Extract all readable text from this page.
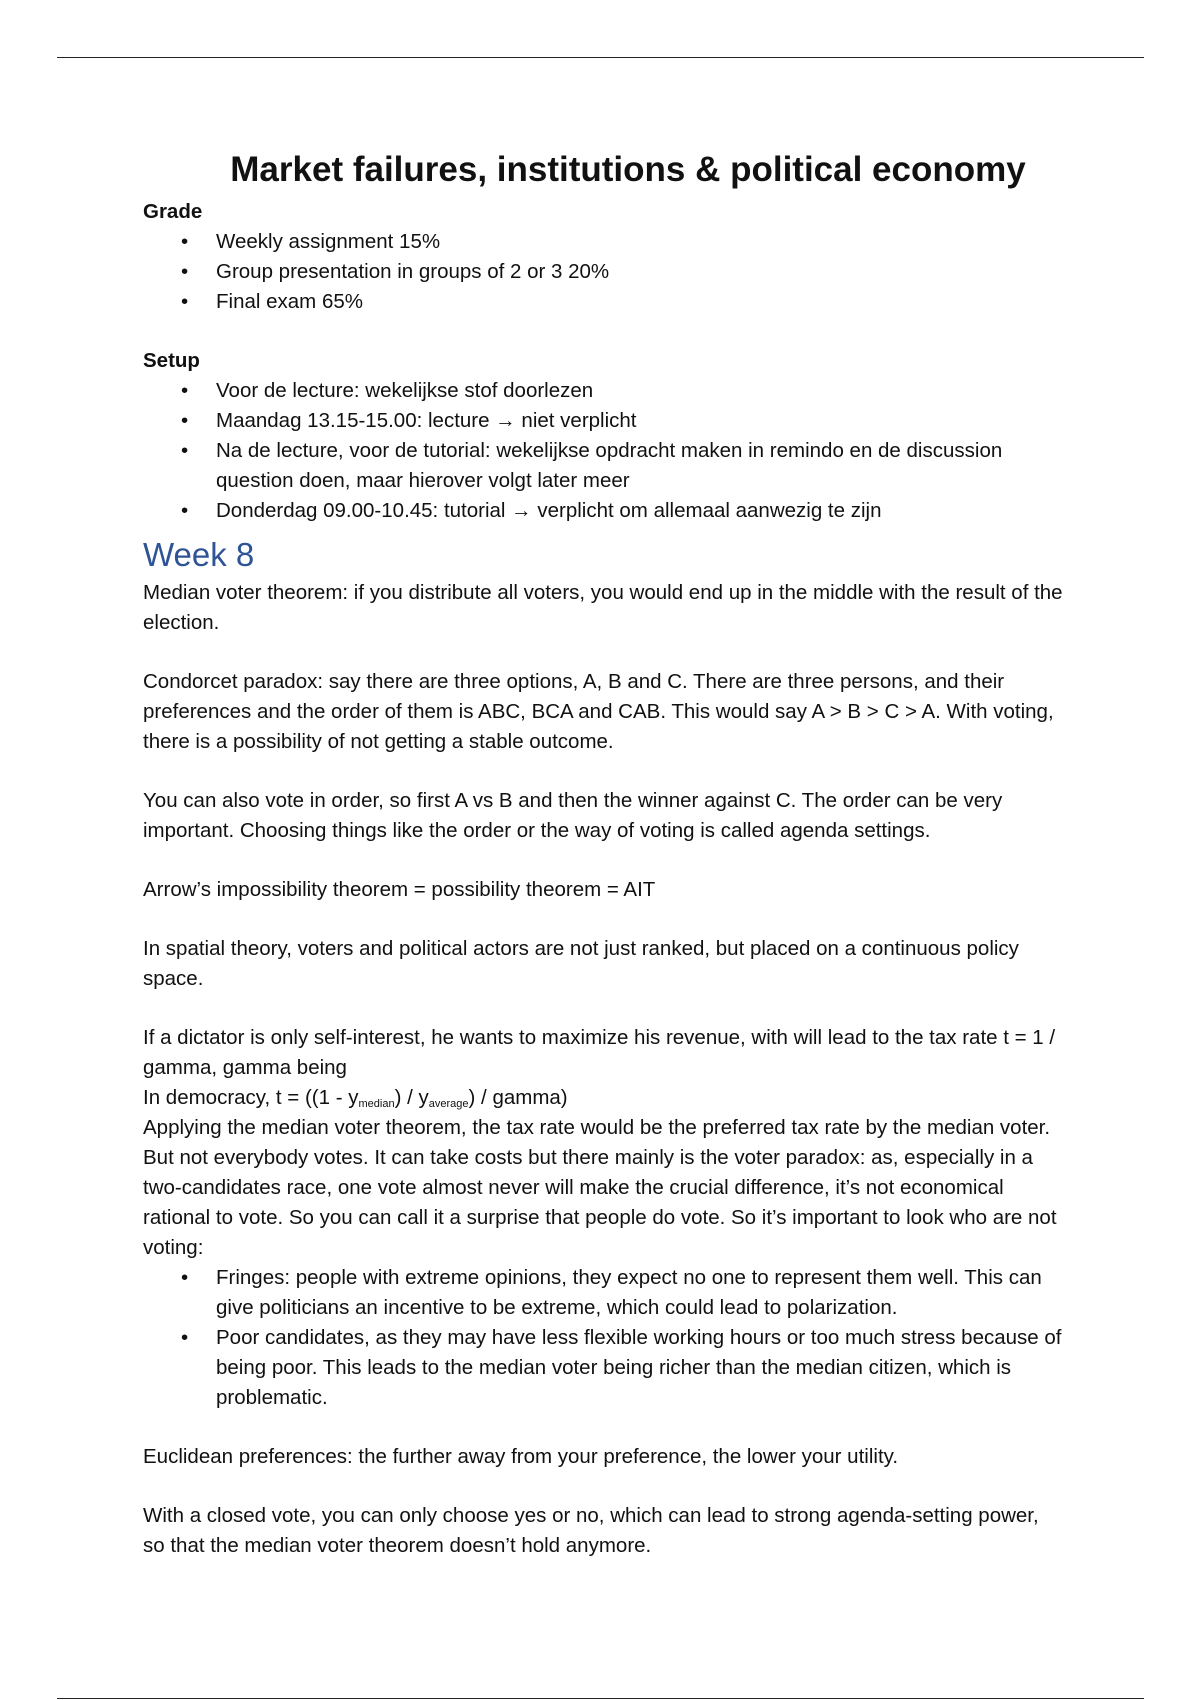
Market failures, institutions & political economy

Grade

• Weekly assignment 15%
• Group presentation in groups of 2 or 3 20%
• Final exam 65%

Setup

• Voor de lecture: wekelijkse stof doorlezen
• Maandag 13.15-15.00: lecture → niet verplicht
• Na de lecture, voor de tutorial: wekelijkse opdracht maken in remindo en de discussion question doen, maar hierover volgt later meer
• Donderdag 09.00-10.45: tutorial → verplicht om allemaal aanwezig te zijn
Week 8

Median voter theorem: if you distribute all voters, you would end up in the middle with the result of the election.

Condorcet paradox: say there are three options, A, B and C. There are three persons, and their preferences and the order of them is ABC, BCA and CAB. This would say A > B > C > A. With voting, there is a possibility of not getting a stable outcome.

You can also vote in order, so first A vs B and then the winner against C. The order can be very important. Choosing things like the order or the way of voting is called agenda settings.

Arrow’s impossibility theorem = possibility theorem = AIT

In spatial theory, voters and political actors are not just ranked, but placed on a continuous policy space.

If a dictator is only self-interest, he wants to maximize his revenue, with will lead to the tax rate t = 1 / gamma, gamma being

In democracy, $t = ((1 - y_{median}) / y_{average})$ / gamma)

Applying the median voter theorem, the tax rate would be the preferred tax rate by the median voter. But not everybody votes. It can take costs but there mainly is the voter paradox: as, especially in a two-candidates race, one vote almost never will make the crucial difference, it’s not economical rational to vote. So you can call it a surprise that people do vote. So it’s important to look who are not voting:

• Fringes: people with extreme opinions, they expect no one to represent them well. This can give politicians an incentive to be extreme, which could lead to polarization.
• Poor candidates, as they may have less flexible working hours or too much stress because of being poor. This leads to the median voter being richer than the median citizen, which is problematic.

Euclidean preferences: the further away from your preference, the lower your utility.

With a closed vote, you can only choose yes or no, which can lead to strong agenda-setting power, so that the median voter theorem doesn’t hold anymore.
